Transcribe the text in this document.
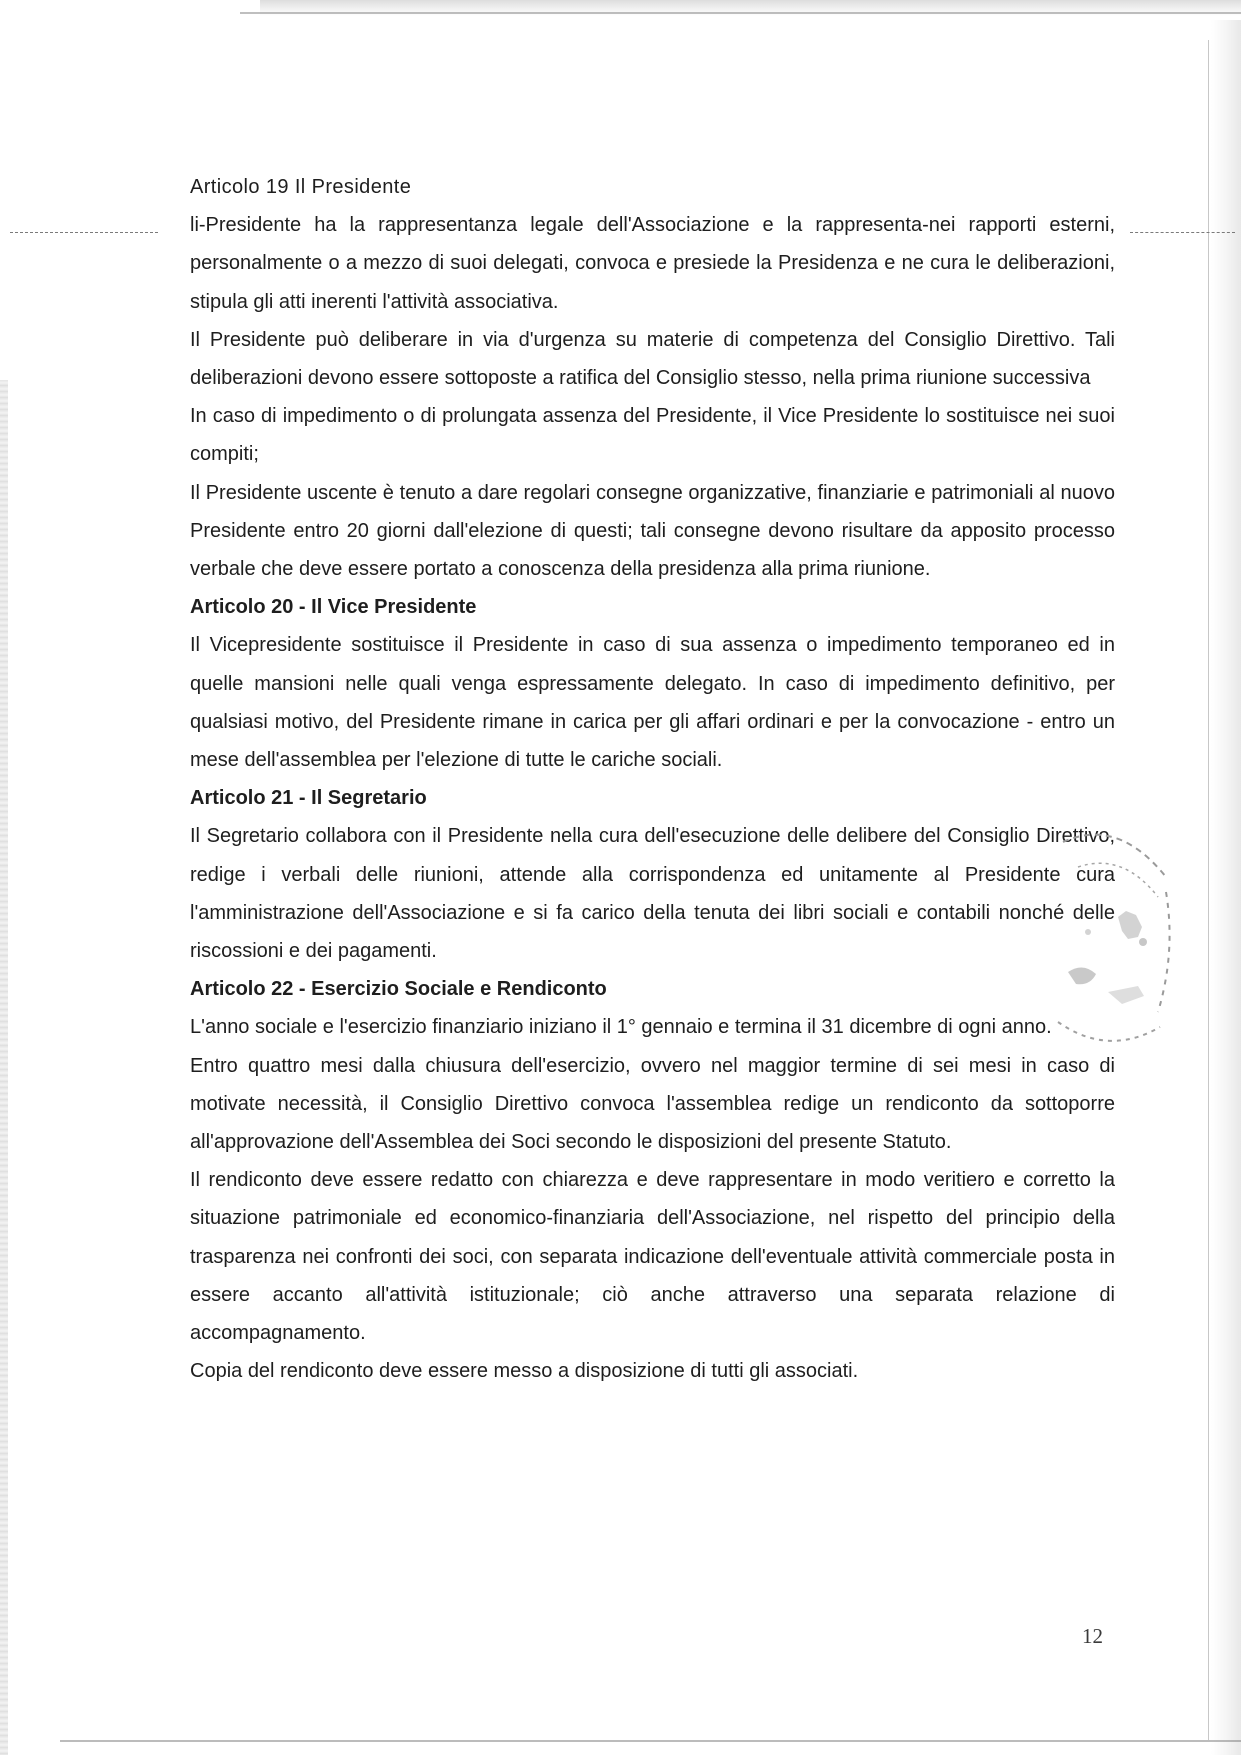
Articolo 19 Il Presidente

li-Presidente ha la rappresentanza legale dell'Associazione e la rappresenta-nei rapporti esterni, personalmente o a mezzo di suoi delegati, convoca e presiede la Presidenza e ne cura le deliberazioni, stipula gli atti inerenti l'attività associativa.

Il Presidente può deliberare in via d'urgenza su materie di competenza del Consiglio Direttivo. Tali deliberazioni devono essere sottoposte a ratifica del Consiglio stesso, nella prima riunione successiva

In caso di impedimento o di prolungata assenza del Presidente, il Vice Presidente lo sostituisce nei suoi compiti;

Il Presidente uscente è tenuto a dare regolari consegne organizzative, finanziarie e patrimoniali al nuovo Presidente entro 20 giorni dall'elezione di questi; tali consegne devono risultare da apposito processo verbale che deve essere portato a conoscenza della presidenza alla prima riunione.

Articolo 20 - Il Vice Presidente

Il Vicepresidente sostituisce il Presidente in caso di sua assenza o impedimento temporaneo ed in quelle mansioni nelle quali venga espressamente delegato. In caso di impedimento definitivo, per qualsiasi motivo, del Presidente rimane in carica per gli affari ordinari e per la convocazione - entro un mese dell'assemblea per l'elezione di tutte le cariche sociali.

Articolo 21 - Il Segretario

Il Segretario collabora con il Presidente nella cura dell'esecuzione delle delibere del Consiglio Direttivo, redige i verbali delle riunioni, attende alla corrispondenza ed unitamente al Presidente cura l'amministrazione dell'Associazione e si fa carico della tenuta dei libri sociali e contabili nonché delle riscossioni e dei pagamenti.

Articolo 22 - Esercizio Sociale e Rendiconto

L'anno sociale e l'esercizio finanziario iniziano il 1° gennaio e termina il 31 dicembre di ogni anno.

Entro quattro mesi dalla chiusura dell'esercizio, ovvero nel maggior termine di sei mesi in caso di motivate necessità, il Consiglio Direttivo convoca l'assemblea redige un rendiconto da sottoporre all'approvazione dell'Assemblea dei Soci secondo le disposizioni del presente Statuto.

Il rendiconto deve essere redatto con chiarezza e deve rappresentare in modo veritiero e corretto la situazione patrimoniale ed economico-finanziaria dell'Associazione, nel rispetto del principio della trasparenza nei confronti dei soci, con separata indicazione dell'eventuale attività commerciale posta in essere accanto all'attività istituzionale; ciò anche attraverso una separata relazione di accompagnamento.

Copia del rendiconto deve essere messo a disposizione di tutti gli associati.

12
